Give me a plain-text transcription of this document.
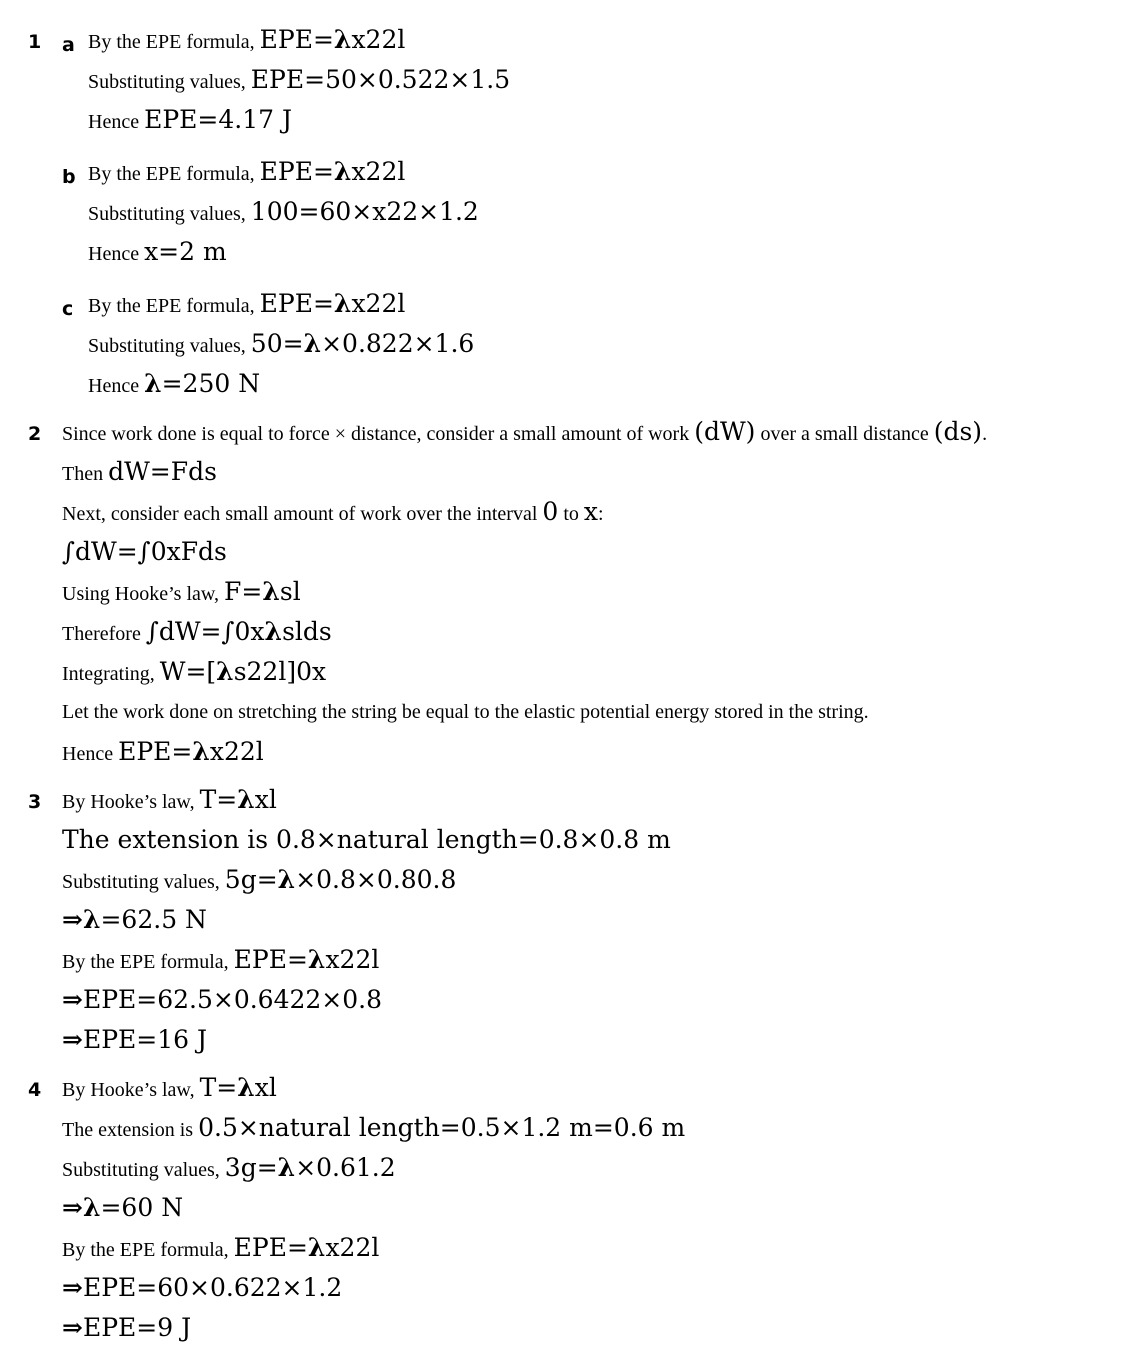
1 a By the EPE formula, EPE=λx22l
Substituting values, EPE=50×0.522×1.5
Hence EPE=4.17 J
b By the EPE formula, EPE=λx22l
Substituting values, 100=60×x22×1.2
Hence x=2 m
c By the EPE formula, EPE=λx22l
Substituting values, 50=λ×0.822×1.6
Hence λ=250 N
2 Since work done is equal to force × distance, consider a small amount of work (dW) over a small distance (ds).
Then dW=Fds
Next, consider each small amount of work over the interval 0 to x:
∫dW=∫0xFds
Using Hooke’s law, F=λsl
Therefore ∫dW=∫0xλslds
Integrating, W=[λs22l]0x
Let the work done on stretching the string be equal to the elastic potential energy stored in the string.
Hence EPE=λx22l
3 By Hooke’s law, T=λxl
The extension is 0.8×natural length=0.8×0.8 m
Substituting values, 5g=λ×0.8×0.80.8
⇒λ=62.5 N
By the EPE formula, EPE=λx22l
⇒EPE=62.5×0.6422×0.8
⇒EPE=16 J
4 By Hooke’s law, T=λxl
The extension is 0.5×natural length=0.5×1.2 m=0.6 m
Substituting values, 3g=λ×0.61.2
⇒λ=60 N
By the EPE formula, EPE=λx22l
⇒EPE=60×0.622×1.2
⇒EPE=9 J
